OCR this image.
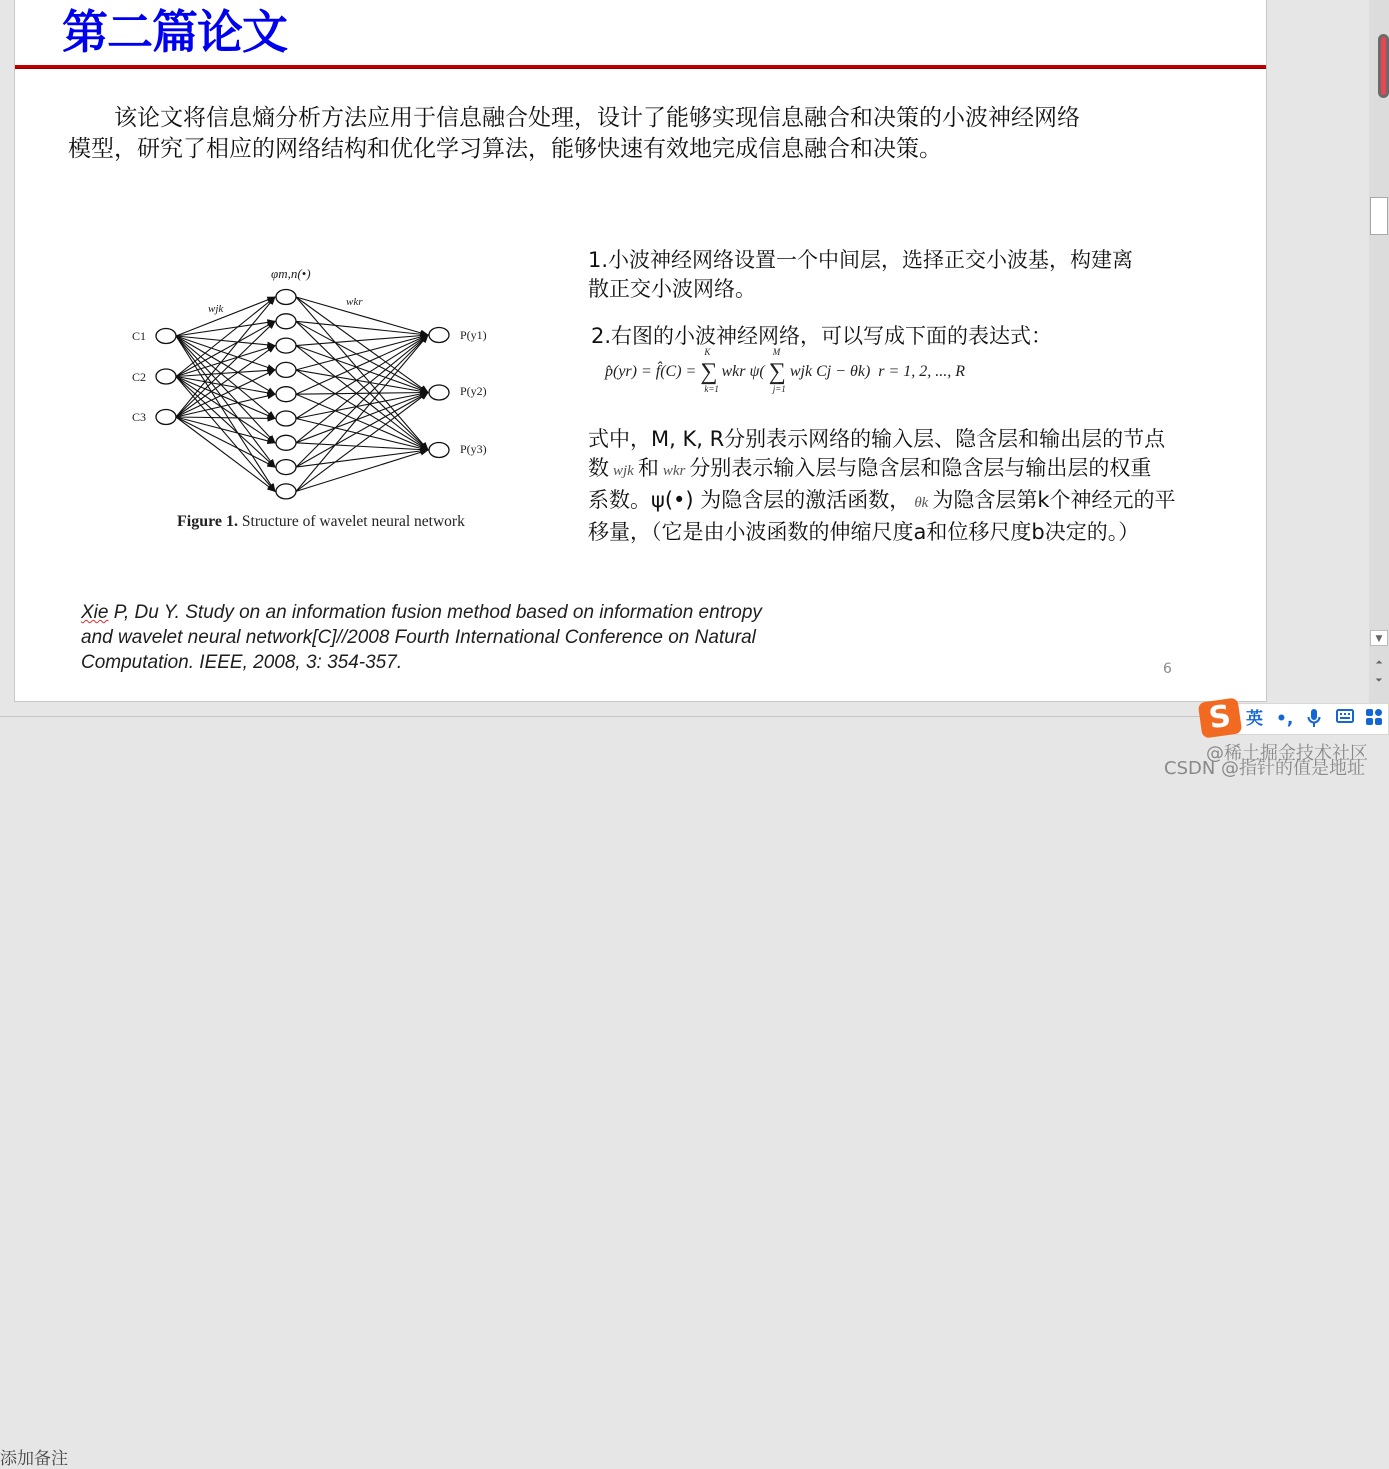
第二篇论文
该论文将信息熵分析方法应用于信息融合处理，设计了能够实现信息融合和决策的小波神经网络模型，研究了相应的网络结构和优化学习算法，能够快速有效地完成信息融合和决策。
φm,n(•)
wjk
wkr
C1
C2
C3
P(y1)
P(y2)
P(y3)
Figure 1. Structure of wavelet neural network
1.小波神经网络设置一个中间层，选择正交小波基，构建离散正交小波网络。
2.右图的小波神经网络，可以写成下面的表达式：
p̂(yr) = f̂(C) =
K
∑
k=1
wkr ψ(
M
∑
j=1
wjk Cj − θk) r = 1, 2, ..., R
式中，M, K, R分别表示网络的输入层、隐含层和输出层的节点
数 wjk 和 wkr 分别表示输入层与隐含层和隐含层与输出层的权重
系数。ψ(•) 为隐含层的激活函数， θk 为隐含层第k个神经元的平
移量，（它是由小波函数的伸缩尺度a和位移尺度b决定的。）
Xie P, Du Y. Study on an information fusion method based on information entropy
and wavelet neural network[C]//2008 Fourth International Conference on Natural
Computation. IEEE, 2008, 3: 354-357.	6
▼
⏶
⏷
添加备注
S 英 •,
@稀土掘金技术社区
CSDN @指针的值是地址
